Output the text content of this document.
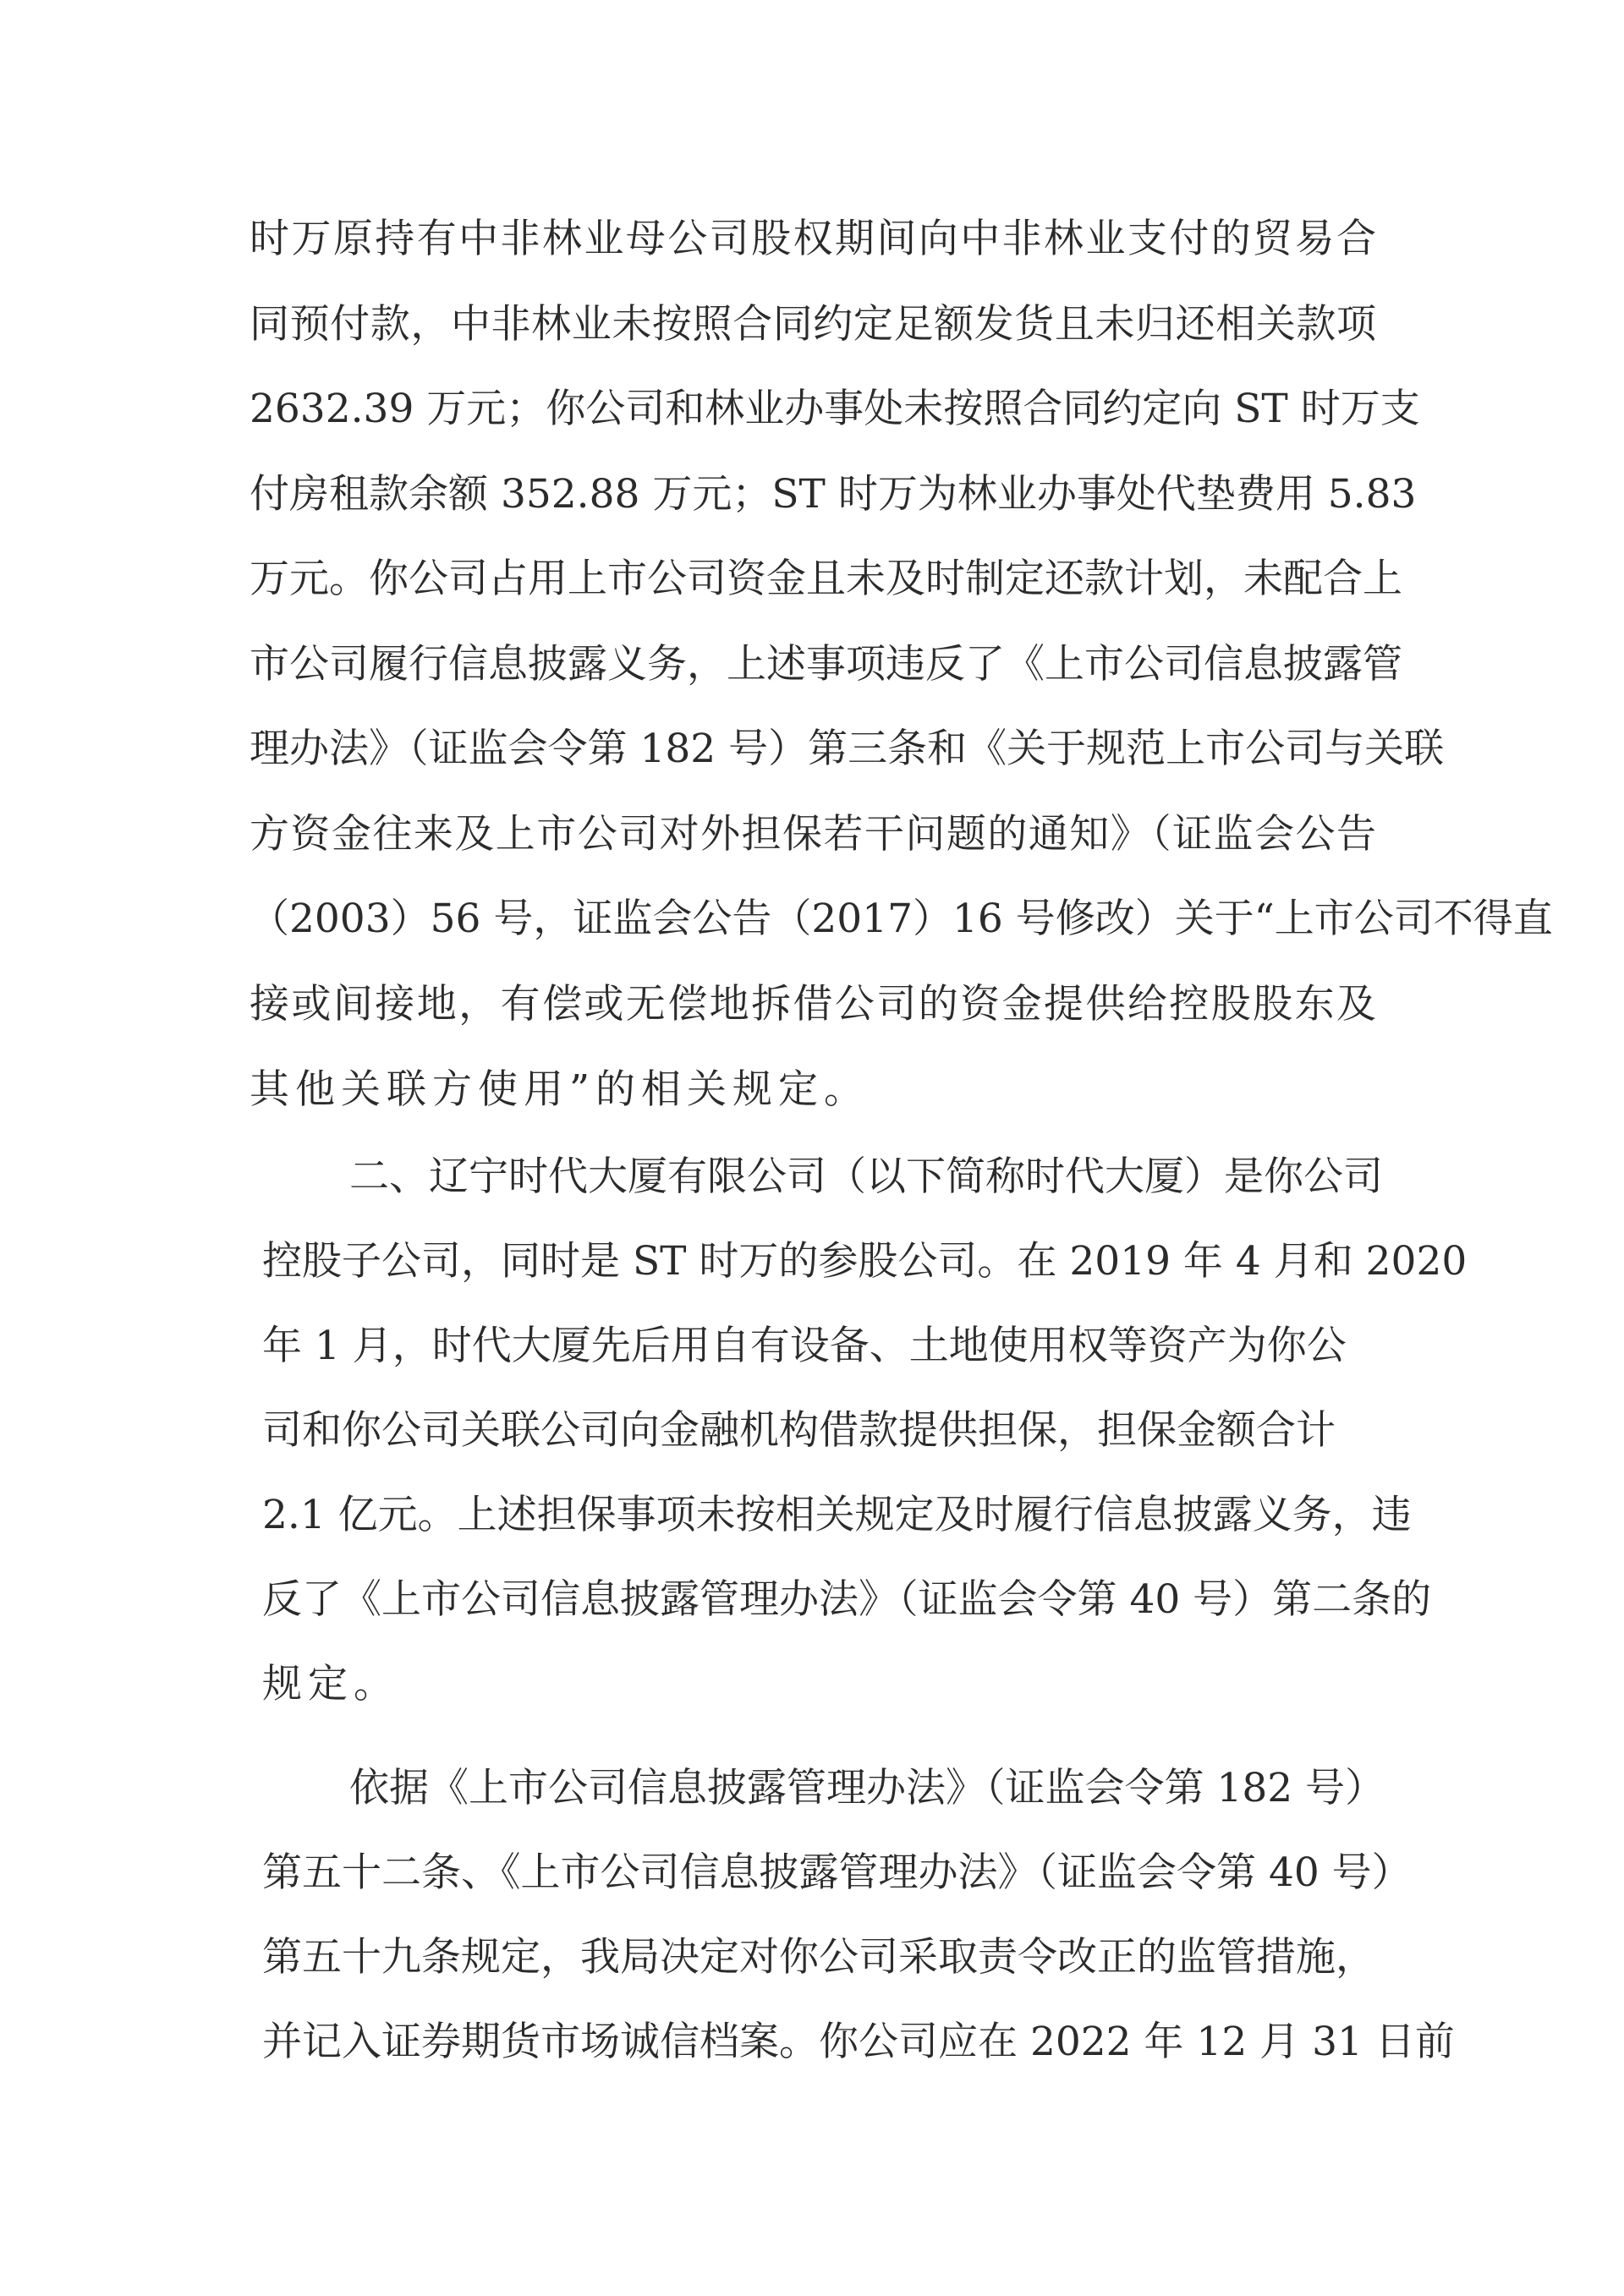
时万原持有中非林业母公司股权期间向中非林业支付的贸易合
同预付款，中非林业未按照合同约定足额发货且未归还相关款项
2632.39 万元；你公司和林业办事处未按照合同约定向 ST 时万支
付房租款余额 352.88 万元；ST 时万为林业办事处代垫费用 5.83
万元。你公司占用上市公司资金且未及时制定还款计划，未配合上
市公司履行信息披露义务，上述事项违反了《上市公司信息披露管
理办法》（证监会令第 182 号）第三条和《关于规范上市公司与关联
方资金往来及上市公司对外担保若干问题的通知》（证监会公告
（2003）56 号，证监会公告（2017）16 号修改）关于“上市公司不得直
接或间接地，有偿或无偿地拆借公司的资金提供给控股股东及
其他关联方使用”的相关规定。
二、辽宁时代大厦有限公司（以下简称时代大厦）是你公司
控股子公司，同时是 ST 时万的参股公司。在 2019 年 4 月和 2020
年 1 月，时代大厦先后用自有设备、土地使用权等资产为你公
司和你公司关联公司向金融机构借款提供担保，担保金额合计
2.1 亿元。上述担保事项未按相关规定及时履行信息披露义务，违
反了《上市公司信息披露管理办法》（证监会令第 40 号）第二条的
规定。
依据《上市公司信息披露管理办法》（证监会令第 182 号）
第五十二条、《上市公司信息披露管理办法》（证监会令第 40 号）
第五十九条规定，我局决定对你公司采取责令改正的监管措施，
并记入证券期货市场诚信档案。你公司应在 2022 年 12 月 31 日前
